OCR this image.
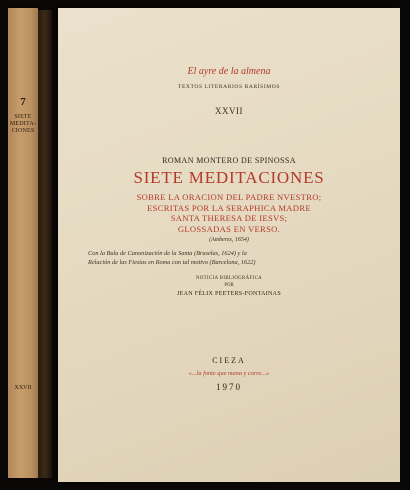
7
SIETE
MEDITA-
CIONES
XXVII
El ayre de la almena
TEXTOS LITERARIOS RARÍSIMOS
XXVII
ROMAN MONTERO DE SPINOSSA
SIETE MEDITACIONES
SOBRE LA ORACION DEL PADRE NVESTRO;
ESCRITAS POR LA SERAPHICA MADRE
SANTA THERESA DE IESVS;
GLOSSADAS EN VERSO.
(Amberes, 1654)
Con la Bula de Canonización de la Santa (Bruselas, 1624) y la
Relación de las Fiestas en Roma con tal motivo (Barcelona, 1622)
NOTICIA BIBLIOGRÁFICA
POR
JEAN FÉLIX PEETERS-FONTAINAS
CIEZA
«...la fonte que mana y corre...»
1970
